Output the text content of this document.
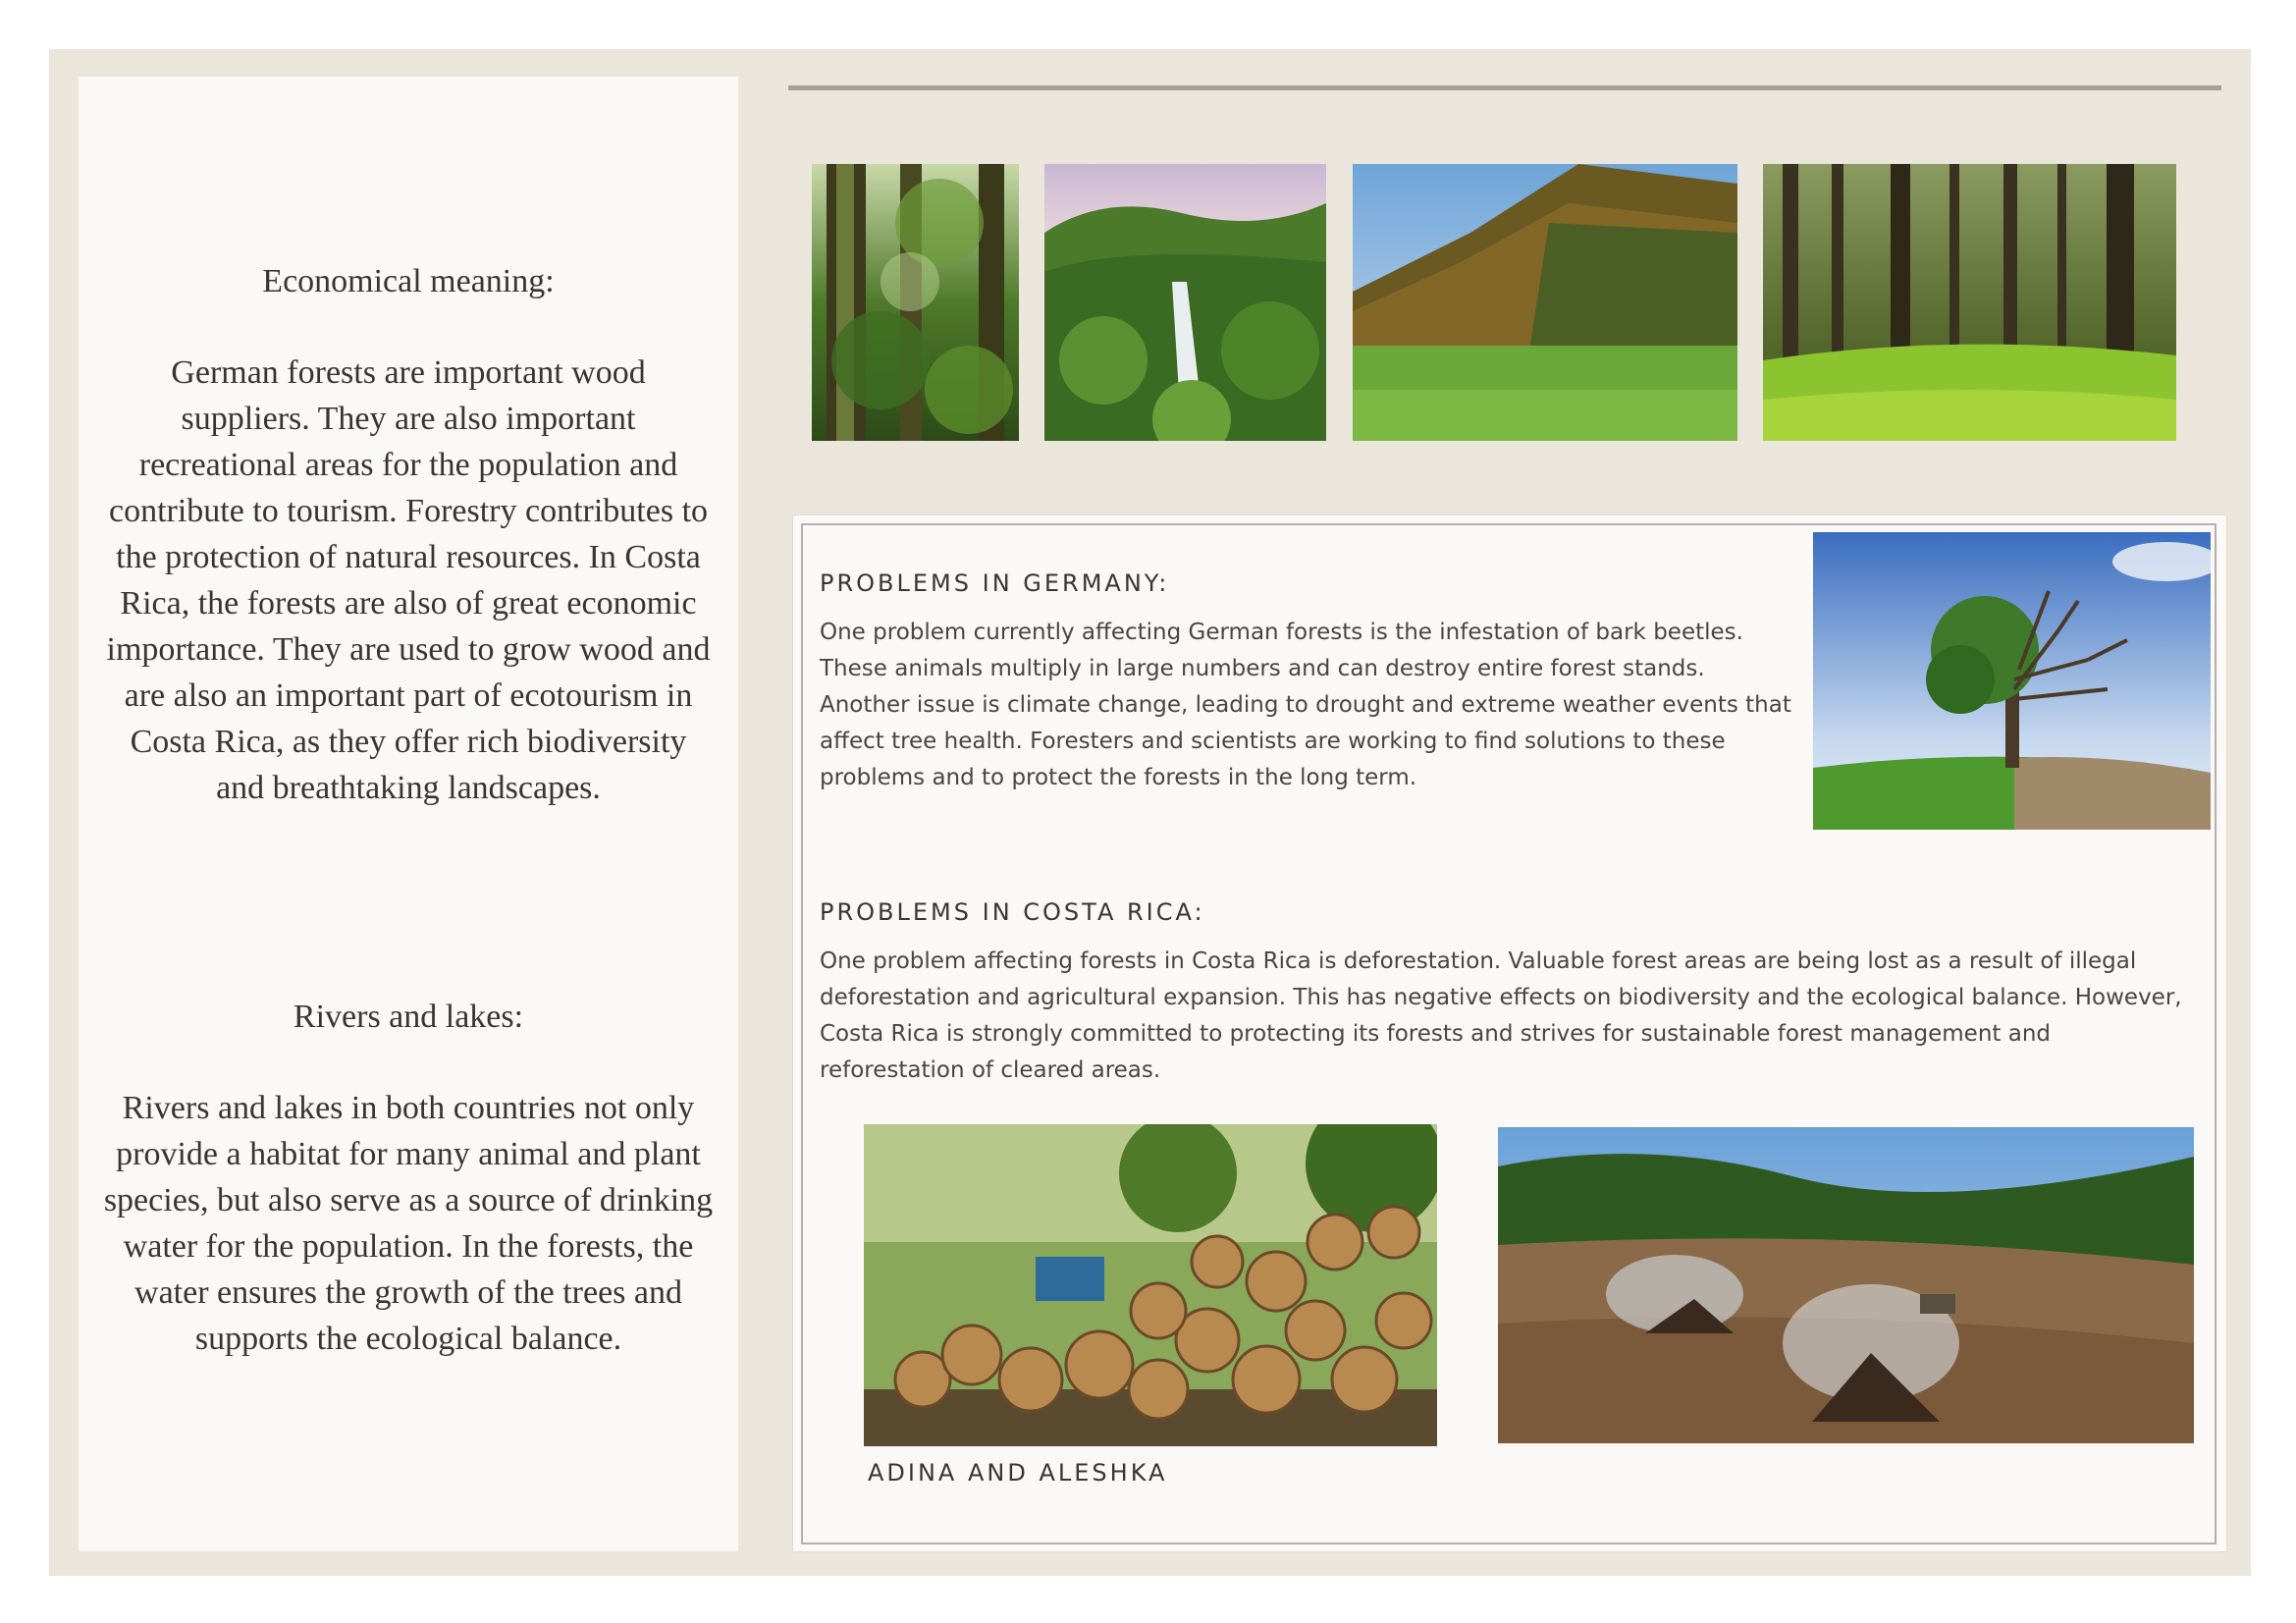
Economical meaning:
German forests are important wood suppliers. They are also important recreational areas for the population and contribute to tourism. Forestry contributes to the protection of natural resources. In Costa Rica, the forests are also of great economic importance. They are used to grow wood and are also an important part of ecotourism in Costa Rica, as they offer rich biodiversity and breathtaking landscapes.
Rivers and lakes:
Rivers and lakes in both countries not only provide a habitat for many animal and plant species, but also serve as a source of drinking water for the population. In the forests, the water ensures the growth of the trees and supports the ecological balance.
PROBLEMS IN GERMANY:
One problem currently affecting German forests is the infestation of bark beetles. These animals multiply in large numbers and can destroy entire forest stands. Another issue is climate change, leading to drought and extreme weather events that affect tree health. Foresters and scientists are working to find solutions to these problems and to protect the forests in the long term.
PROBLEMS IN COSTA RICA:
One problem affecting forests in Costa Rica is deforestation. Valuable forest areas are being lost as a result of illegal deforestation and agricultural expansion. This has negative effects on biodiversity and the ecological balance. However, Costa Rica is strongly committed to protecting its forests and strives for sustainable forest management and reforestation of cleared areas.
ADINA AND ALESHKA
